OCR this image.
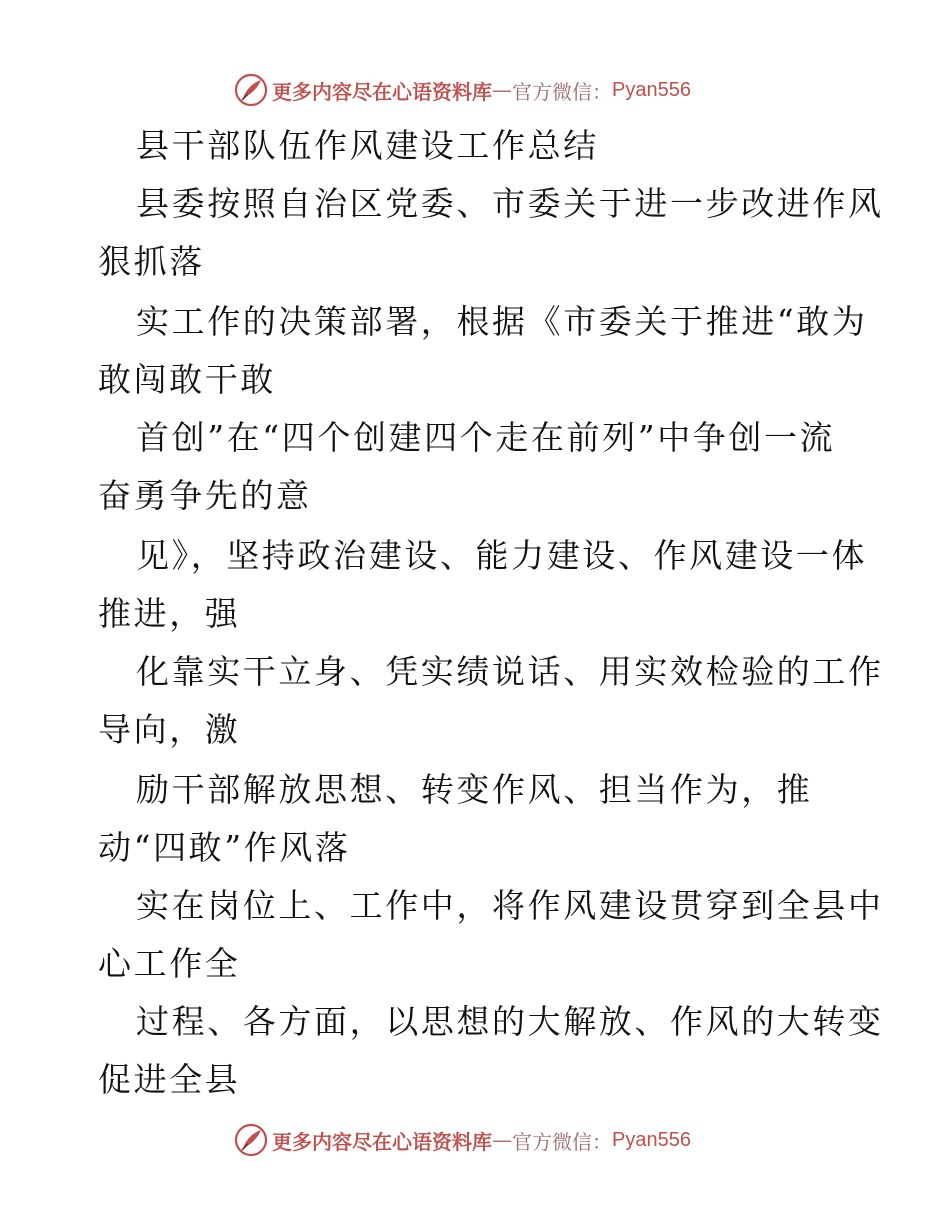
更多内容尽在心语资料库 — 官方微信： Pyan556

县干部队伍作风建设工作总结

县委按照自治区党委、市委关于进一步改进作风

狠抓落

实工作的决策部署，根据《市委关于推进“敢为

敢闯敢干敢

首创”在“四个创建四个走在前列”中争创一流

奋勇争先的意

见》，坚持政治建设、能力建设、作风建设一体

推进，强

化靠实干立身、凭实绩说话、用实效检验的工作

导向，激

励干部解放思想、转变作风、担当作为，推

动“四敢”作风落

实在岗位上、工作中，将作风建设贯穿到全县中

心工作全

过程、各方面，以思想的大解放、作风的大转变

促进全县

更多内容尽在心语资料库 — 官方微信： Pyan556
